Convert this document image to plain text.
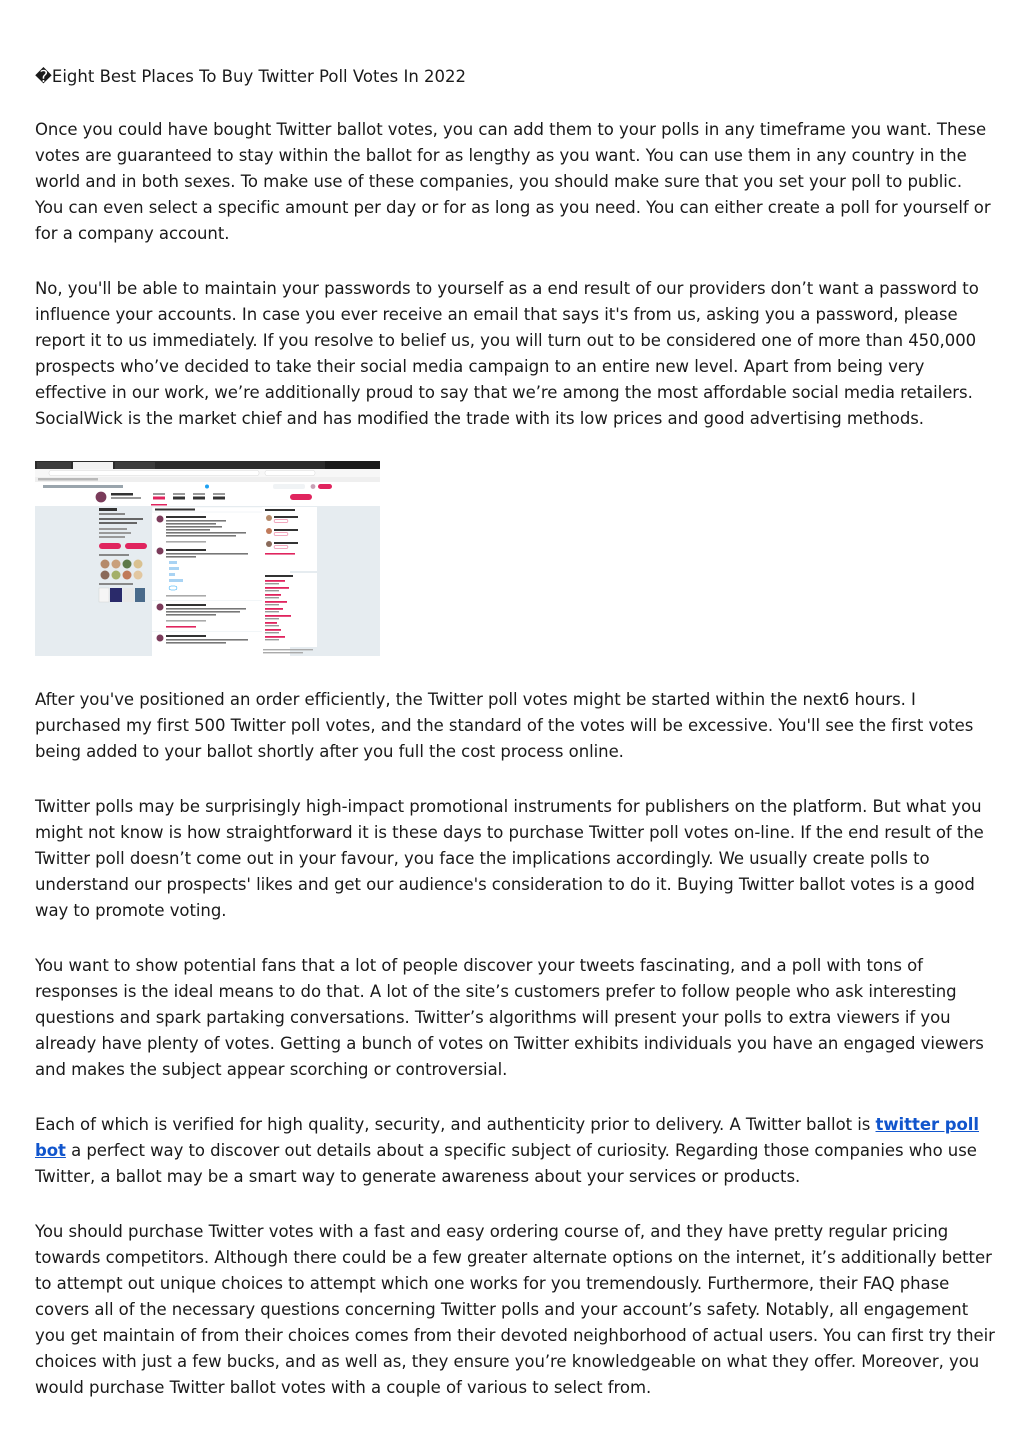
�Eight Best Places To Buy Twitter Poll Votes In 2022

Once you could have bought Twitter ballot votes, you can add them to your polls in any timeframe you want. These votes are guaranteed to stay within the ballot for as lengthy as you want. You can use them in any country in the world and in both sexes. To make use of these companies, you should make sure that you set your poll to public. You can even select a specific amount per day or for as long as you need. You can either create a poll for yourself or for a company account.

No, you'll be able to maintain your passwords to yourself as a end result of our providers don’t want a password to influence your accounts. In case you ever receive an email that says it's from us, asking you a password, please report it to us immediately. If you resolve to belief us, you will turn out to be considered one of more than 450,000 prospects who’ve decided to take their social media campaign to an entire new level. Apart from being very effective in our work, we’re additionally proud to say that we’re among the most affordable social media retailers. SocialWick is the market chief and has modified the trade with its low prices and good advertising methods.

After you've positioned an order efficiently, the Twitter poll votes might be started within the next6 hours. I purchased my first 500 Twitter poll votes, and the standard of the votes will be excessive. You'll see the first votes being added to your ballot shortly after you full the cost process online.

Twitter polls may be surprisingly high-impact promotional instruments for publishers on the platform. But what you might not know is how straightforward it is these days to purchase Twitter poll votes on-line. If the end result of the Twitter poll doesn’t come out in your favour, you face the implications accordingly. We usually create polls to understand our prospects' likes and get our audience's consideration to do it. Buying Twitter ballot votes is a good way to promote voting.

You want to show potential fans that a lot of people discover your tweets fascinating, and a poll with tons of responses is the ideal means to do that. A lot of the site’s customers prefer to follow people who ask interesting questions and spark partaking conversations. Twitter’s algorithms will present your polls to extra viewers if you already have plenty of votes. Getting a bunch of votes on Twitter exhibits individuals you have an engaged viewers and makes the subject appear scorching or controversial.

Each of which is verified for high quality, security, and authenticity prior to delivery. A Twitter ballot is twitter poll bot a perfect way to discover out details about a specific subject of curiosity. Regarding those companies who use Twitter, a ballot may be a smart way to generate awareness about your services or products.

You should purchase Twitter votes with a fast and easy ordering course of, and they have pretty regular pricing towards competitors. Although there could be a few greater alternate options on the internet, it’s additionally better to attempt out unique choices to attempt which one works for you tremendously. Furthermore, their FAQ phase covers all of the necessary questions concerning Twitter polls and your account’s safety. Notably, all engagement you get maintain of from their choices comes from their devoted neighborhood of actual users. You can first try their choices with just a few bucks, and as well as, they ensure you’re knowledgeable on what they offer. Moreover, you would purchase Twitter ballot votes with a couple of various to select from.
